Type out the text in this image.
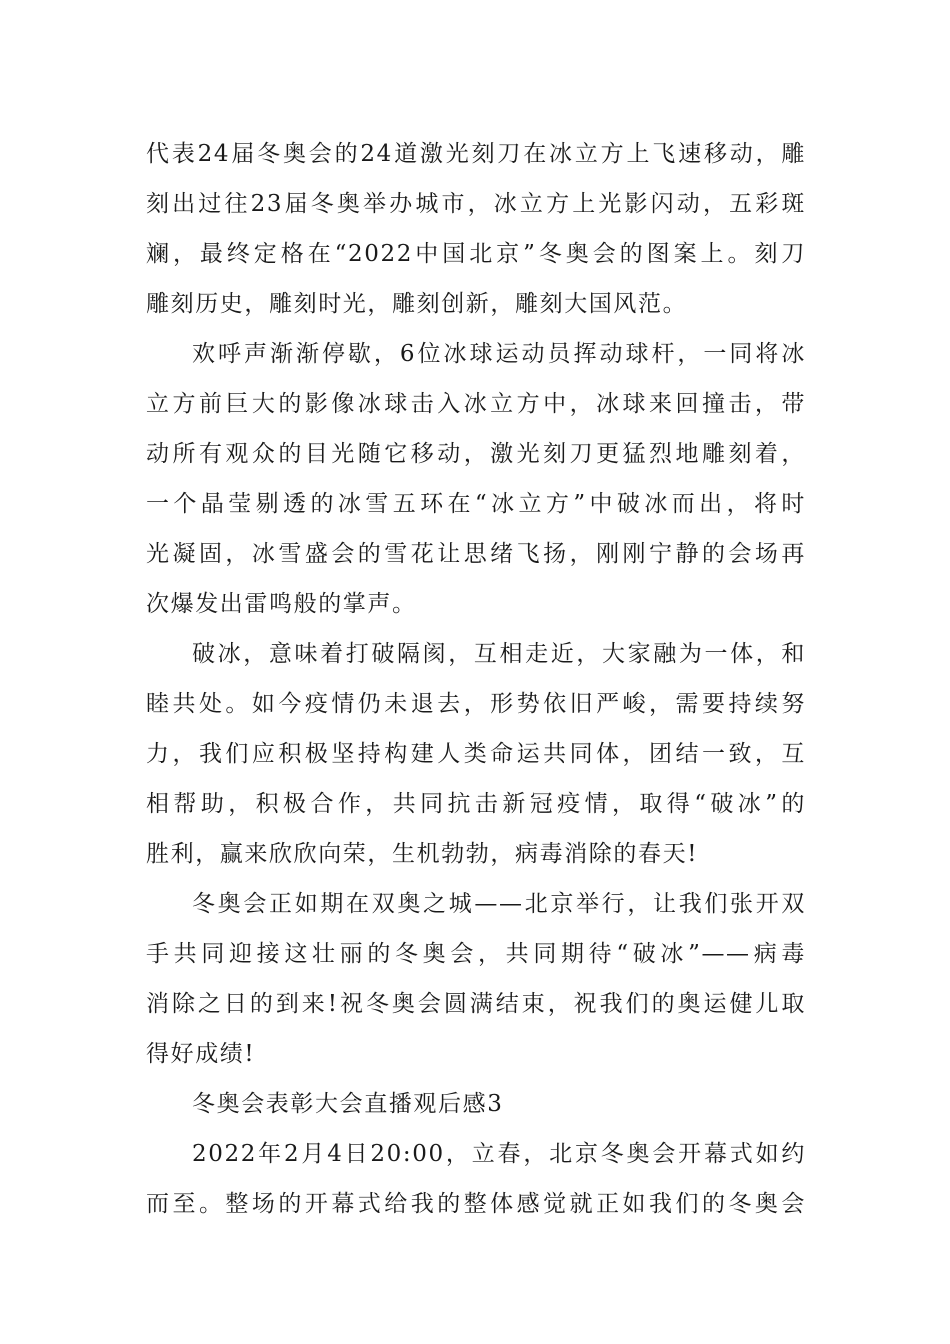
代表24届冬奥会的24道激光刻刀在冰立方上飞速移动，雕
刻出过往23届冬奥举办城市，冰立方上光影闪动，五彩斑
斓，最终定格在“2022中国北京”冬奥会的图案上。刻刀
雕刻历史，雕刻时光，雕刻创新，雕刻大国风范。

欢呼声渐渐停歇，6位冰球运动员挥动球杆，一同将冰
立方前巨大的影像冰球击入冰立方中，冰球来回撞击，带
动所有观众的目光随它移动，激光刻刀更猛烈地雕刻着，
一个晶莹剔透的冰雪五环在“冰立方”中破冰而出，将时
光凝固，冰雪盛会的雪花让思绪飞扬，刚刚宁静的会场再
次爆发出雷鸣般的掌声。

破冰，意味着打破隔阂，互相走近，大家融为一体，和
睦共处。如今疫情仍未退去，形势依旧严峻，需要持续努
力，我们应积极坚持构建人类命运共同体，团结一致，互
相帮助，积极合作，共同抗击新冠疫情，取得“破冰”的
胜利，赢来欣欣向荣，生机勃勃，病毒消除的春天!

冬奥会正如期在双奥之城——北京举行，让我们张开双
手共同迎接这壮丽的冬奥会，共同期待“破冰”——病毒
消除之日的到来!祝冬奥会圆满结束，祝我们的奥运健儿取
得好成绩!

冬奥会表彰大会直播观后感3

2022年2月4日20:00，立春，北京冬奥会开幕式如约
而至。整场的开幕式给我的整体感觉就正如我们的冬奥会
